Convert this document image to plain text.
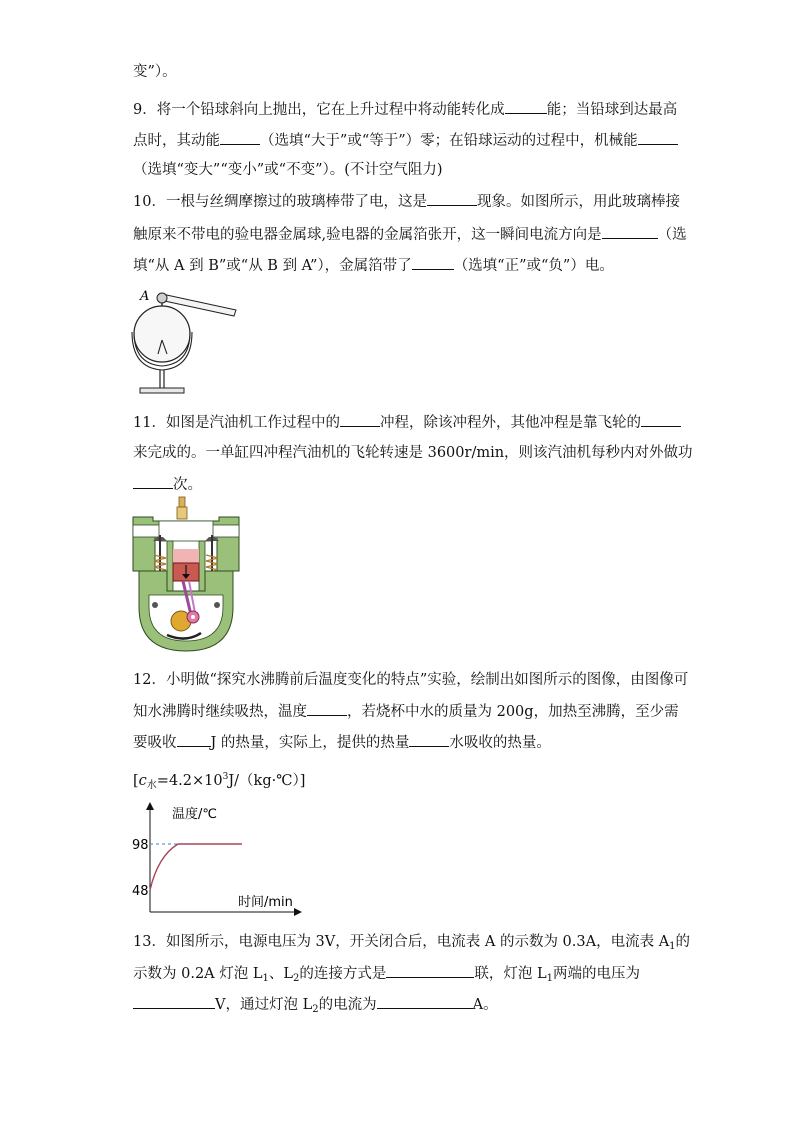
变”）。
9．将一个铅球斜向上抛出，它在上升过程中将动能转化成	能；当铅球到达最高
点时，其动能	（选填“大于”或“等于”）零；在铅球运动的过程中，机械能
（选填“变大”“变小”或“不变”）。(不计空气阻力)
10．一根与丝绸摩擦过的玻璃棒带了电，这是	现象。如图所示，用此玻璃棒接
触原来不带电的验电器金属球,验电器的金属箔张开，这一瞬间电流方向是	（选
填“从 A 到 B”或“从 B 到 A”），金属箔带了	（选填“正”或“负”）电。
A
11．如图是汽油机工作过程中的	冲程，除该冲程外，其他冲程是靠飞轮的
来完成的。一单缸四冲程汽油机的飞轮转速是 3600r/min，则该汽油机每秒内对外做功
次。
12．小明做“探究水沸腾前后温度变化的特点”实验，绘制出如图所示的图像，由图像可
知水沸腾时继续吸热，温度	，若烧杯中水的质量为 200g，加热至沸腾，至少需
要吸收 J 的热量，实际上，提供的热量	水吸收的热量。
$[c_水=4.2\times 10^3J/(kg\cdot℃)]$
温度/℃
时间/min
98
48
13．如图所示，电源电压为 3V，开关闭合后，电流表 A 的示数为 0.3A，电流表 $A_1$的
示数为 0.2A 灯泡 $L_1$、$L_2$的连接方式是	联，灯泡 $L_1$两端的电压为
V，通过灯泡 $L_2$的电流为	A。
